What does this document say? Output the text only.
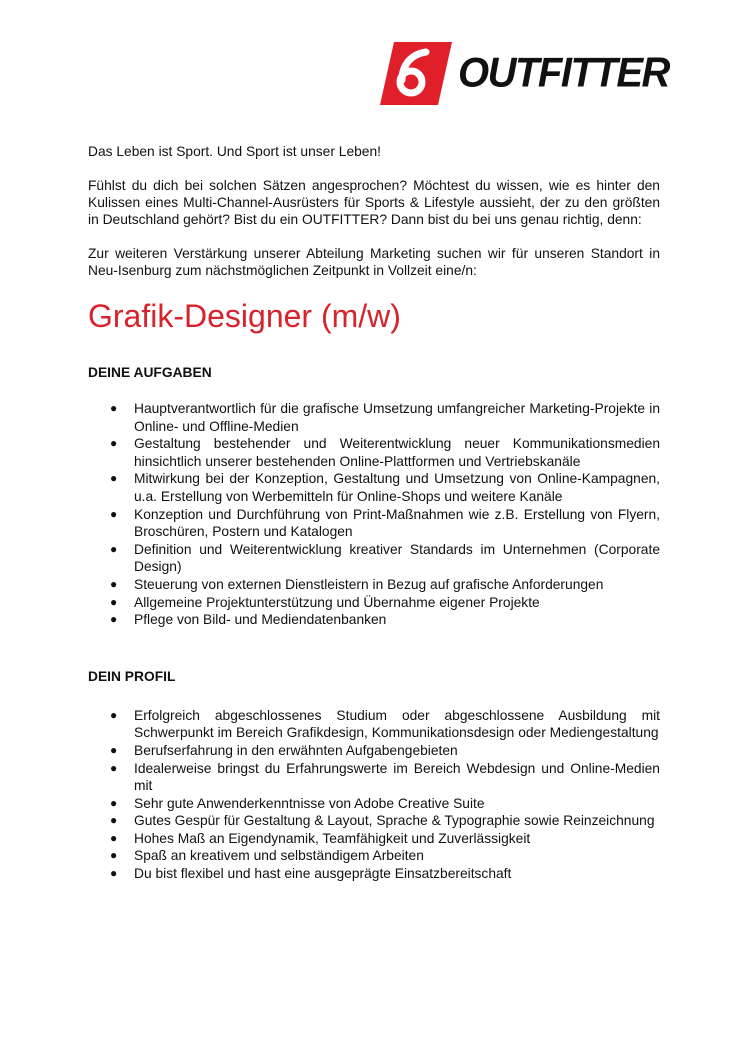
OUTFITTER

Das Leben ist Sport. Und Sport ist unser Leben!

Fühlst du dich bei solchen Sätzen angesprochen? Möchtest du wissen, wie es hinter den Kulissen eines Multi-Channel-Ausrüsters für Sports & Lifestyle aussieht, der zu den größten in Deutschland gehört? Bist du ein OUTFITTER? Dann bist du bei uns genau richtig, denn:

Zur weiteren Verstärkung unserer Abteilung Marketing suchen wir für unseren Standort in Neu-Isenburg zum nächstmöglichen Zeitpunkt in Vollzeit eine/n:

Grafik-Designer (m/w)
DEINE AUFGABEN
● Hauptverantwortlich für die grafische Umsetzung umfangreicher Marketing-Projekte in Online- und Offline-Medien
● Gestaltung bestehender und Weiterentwicklung neuer Kommunikationsmedien hinsichtlich unserer bestehenden Online-Plattformen und Vertriebskanäle
● Mitwirkung bei der Konzeption, Gestaltung und Umsetzung von Online-Kampagnen, u.a. Erstellung von Werbemitteln für Online-Shops und weitere Kanäle
● Konzeption und Durchführung von Print-Maßnahmen wie z.B. Erstellung von Flyern, Broschüren, Postern und Katalogen
● Definition und Weiterentwicklung kreativer Standards im Unternehmen (Corporate Design)
● Steuerung von externen Dienstleistern in Bezug auf grafische Anforderungen
● Allgemeine Projektunterstützung und Übernahme eigener Projekte
● Pflege von Bild- und Mediendatenbanken
DEIN PROFIL
● Erfolgreich abgeschlossenes Studium oder abgeschlossene Ausbildung mit Schwerpunkt im Bereich Grafikdesign, Kommunikationsdesign oder Mediengestaltung
● Berufserfahrung in den erwähnten Aufgabengebieten
● Idealerweise bringst du Erfahrungswerte im Bereich Webdesign und Online-Medien mit
● Sehr gute Anwenderkenntnisse von Adobe Creative Suite
● Gutes Gespür für Gestaltung & Layout, Sprache & Typographie sowie Reinzeichnung
● Hohes Maß an Eigendynamik, Teamfähigkeit und Zuverlässigkeit
● Spaß an kreativem und selbständigem Arbeiten
● Du bist flexibel und hast eine ausgeprägte Einsatzbereitschaft
